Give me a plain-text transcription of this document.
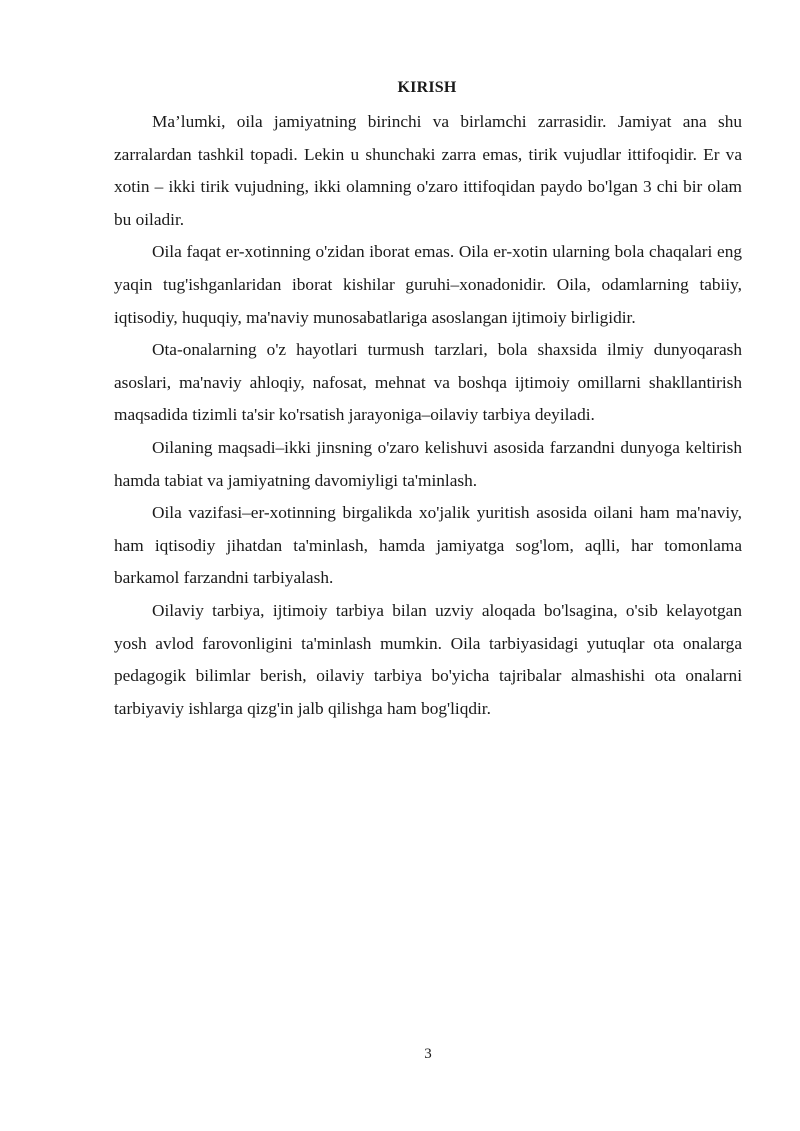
KIRISH

Ma’lumki, oila jamiyatning birinchi va birlamchi zarrasidir. Jamiyat ana shu zarralardan tashkil topadi. Lekin u shunchaki zarra emas, tirik vujudlar ittifoqidir. Er va xotin – ikki tirik vujudning, ikki olamning o'zaro ittifoqidan paydo bo'lgan 3 chi bir olam bu oiladir.

Oila faqat er-xotinning o'zidan iborat emas. Oila er-xotin ularning bola chaqalari eng yaqin tug'ishganlaridan iborat kishilar guruhi–xonadonidir. Oila, odamlarning tabiiy, iqtisodiy, huquqiy, ma'naviy munosabatlariga asoslangan ijtimoiy birligidir.

Ota-onalarning o'z hayotlari turmush tarzlari, bola shaxsida ilmiy dunyoqarash asoslari, ma'naviy ahloqiy, nafosat, mehnat va boshqa ijtimoiy omillarni shakllantirish maqsadida tizimli ta'sir ko'rsatish jarayoniga–oilaviy tarbiya deyiladi.

Oilaning maqsadi–ikki jinsning o'zaro kelishuvi asosida farzandni dunyoga keltirish hamda tabiat va jamiyatning davomiyligi ta'minlash.

Oila vazifasi–er-xotinning birgalikda xo'jalik yuritish asosida oilani ham ma'naviy, ham iqtisodiy jihatdan ta'minlash, hamda jamiyatga sog'lom, aqlli, har tomonlama barkamol farzandni tarbiyalash.

Oilaviy tarbiya, ijtimoiy tarbiya bilan uzviy aloqada bo'lsagina, o'sib kelayotgan yosh avlod farovonligini ta'minlash mumkin. Oila tarbiyasidagi yutuqlar ota onalarga pedagogik bilimlar berish, oilaviy tarbiya bo'yicha tajribalar almashishi ota onalarni tarbiyaviy ishlarga qizg'in jalb qilishga ham bog'liqdir.

3
